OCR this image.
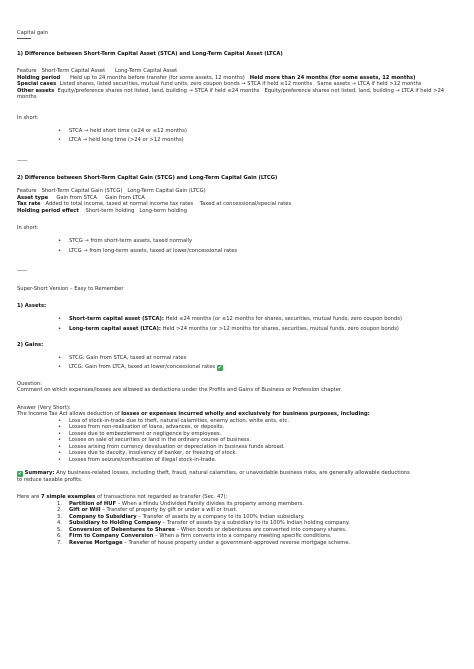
Capital gain

1) Difference between Short-Term Capital Asset (STCA) and Long-Term Capital Asset (LTCA)

Feature Short-Term Capital Asset Long-Term Capital Asset

Holding period Held up to 24 months before transfer (for some assets, 12 months) Held more than 24 months (for some assets, 12 months)

Special cases Listed shares, listed securities, mutual fund units, zero coupon bonds → STCA if held ≤12 months Same assets → LTCA if held >12 months

Other assets Equity/preference shares not listed, land, building → STCA if held ≤24 months Equity/preference shares not listed, land, building → LTCA if held >24

months

In short:

• STCA → held short time (≤24 or ≤12 months)
• LTCA → held long time (>24 or >12 months)

——

2) Difference between Short-Term Capital Gain (STCG) and Long-Term Capital Gain (LTCG)

Feature Short-Term Capital Gain (STCG) Long-Term Capital Gain (LTCG)

Asset type Gain from STCA Gain from LTCA

Tax rate Added to total income, taxed at normal income tax rates Taxed at concessional/special rates

Holding period effect Short-term holding Long-term holding

In short:

• STCG → from short-term assets, taxed normally
• LTCG → from long-term assets, taxed at lower/concessional rates

——

Super-Short Version – Easy to Remember

1) Assets:

• Short-term capital asset (STCA): Held ≤24 months (or ≤12 months for shares, securities, mutual funds, zero coupon bonds)
• Long-term capital asset (LTCA): Held >24 months (or >12 months for shares, securities, mutual funds, zero coupon bonds)

2) Gains:

• STCG: Gain from STCA, taxed at normal rates
• LTCG: Gain from LTCA, taxed at lower/concessional rates ✔

Question:

Comment on which expenses/losses are allowed as deductions under the Profits and Gains of Business or Profession chapter.

Answer (Very Short):

The Income Tax Act allows deduction of losses or expenses incurred wholly and exclusively for business purposes, including:

• Loss of stock-in-trade due to theft, natural calamities, enemy action, white ants, etc.
• Losses from non-realisation of loans, advances, or deposits.
• Losses due to embezzlement or negligence by employees.
• Losses on sale of securities or land in the ordinary course of business.
• Losses arising from currency devaluation or depreciation in business funds abroad.
• Losses due to dacoity, insolvency of banker, or freezing of stock.
• Losses from seizure/confiscation of illegal stock-in-trade.

✔ Summary: Any business-related losses, including theft, fraud, natural calamities, or unavoidable business risks, are generally allowable deductions

to reduce taxable profits.

Here are 7 simple examples of transactions not regarded as transfer (Sec. 47):

1. Partition of HUF – When a Hindu Undivided Family divides its property among members.
2. Gift or Will – Transfer of property by gift or under a will or trust.
3. Company to Subsidiary – Transfer of assets by a company to its 100% Indian subsidiary.
4. Subsidiary to Holding Company – Transfer of assets by a subsidiary to its 100% Indian holding company.
5. Conversion of Debentures to Shares – When bonds or debentures are converted into company shares.
6. Firm to Company Conversion – When a firm converts into a company meeting specific conditions.
7. Reverse Mortgage – Transfer of house property under a government-approved reverse mortgage scheme.
